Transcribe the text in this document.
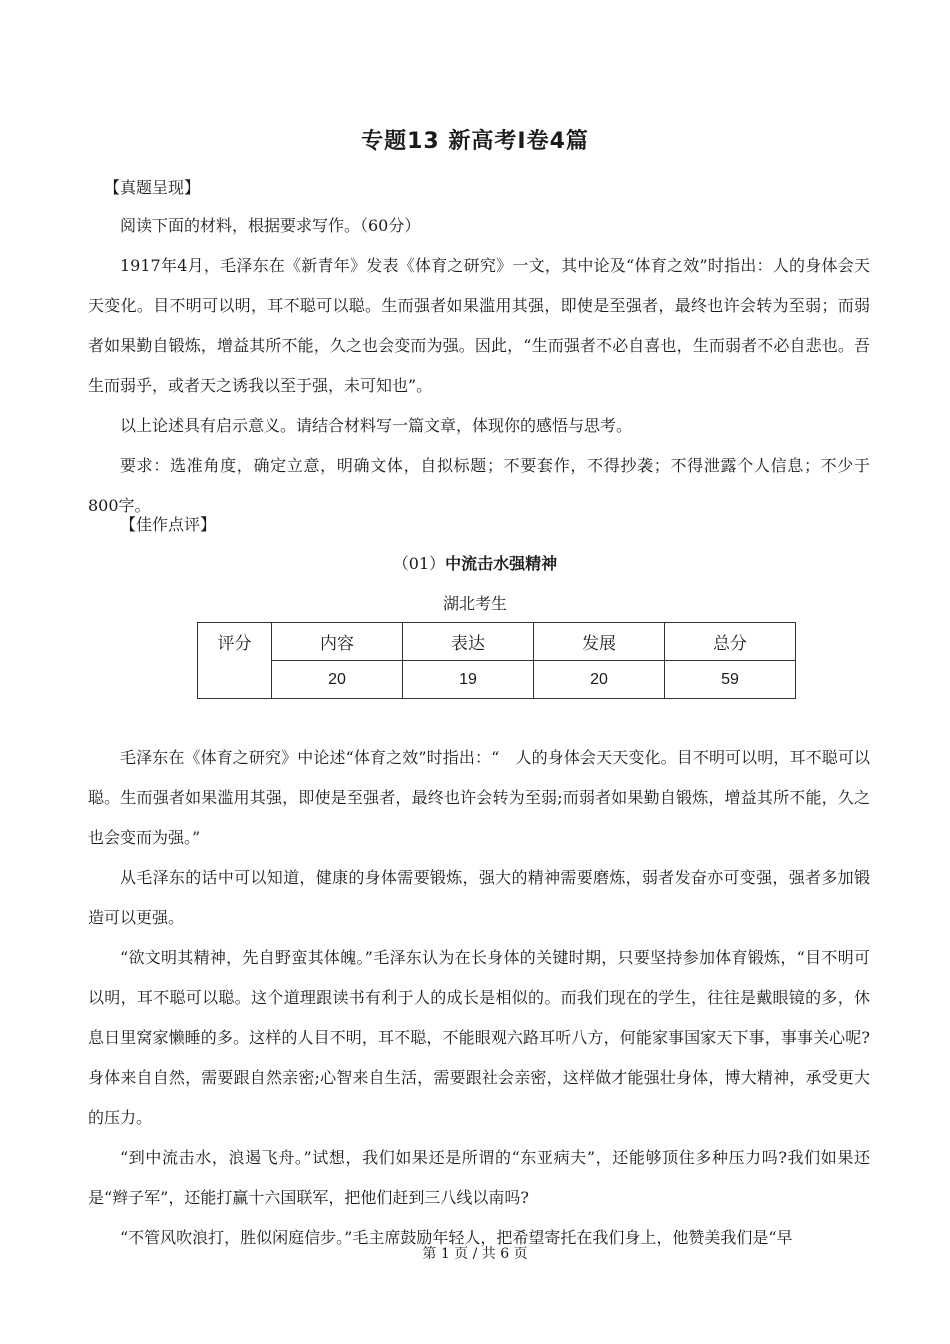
专题13 新高考Ⅰ卷4篇
【真题呈现】

阅读下面的材料，根据要求写作。（60分）

1917年4月，毛泽东在《新青年》发表《体育之研究》一文，其中论及“体育之效”时指出：人的身体会天天变化。目不明可以明，耳不聪可以聪。生而强者如果滥用其强，即使是至强者，最终也许会转为至弱；而弱者如果勤自锻炼，增益其所不能，久之也会变而为强。因此，“生而强者不必自喜也，生而弱者不必自悲也。吾生而弱乎，或者天之诱我以至于强，未可知也”。

以上论述具有启示意义。请结合材料写一篇文章，体现你的感悟与思考。

要求：选准角度，确定立意，明确文体，自拟标题；不要套作，不得抄袭；不得泄露个人信息；不少于800字。

【佳作点评】
（01）中流击水强精神
湖北考生
评分	内容	表达	发展	总分
	20	19	20	59

毛泽东在《体育之研究》中论述“体育之效”时指出：“　人的身体会天天变化。目不明可以明，耳不聪可以聪。生而强者如果滥用其强，即使是至强者，最终也许会转为至弱;而弱者如果勤自锻炼，增益其所不能，久之也会变而为强。”

从毛泽东的话中可以知道，健康的身体需要锻炼，强大的精神需要磨炼，弱者发奋亦可变强，强者多加锻造可以更强。

“欲文明其精神，先自野蛮其体魄。”毛泽东认为在长身体的关键时期，只要坚持参加体育锻炼，“目不明可以明，耳不聪可以聪。这个道理跟读书有利于人的成长是相似的。而我们现在的学生，往往是戴眼镜的多，休息日里窝家懒睡的多。这样的人目不明，耳不聪，不能眼观六路耳听八方，何能家事国家天下事，事事关心呢?身体来自自然，需要跟自然亲密;心智来自生活，需要跟社会亲密，这样做才能强壮身体，博大精神，承受更大的压力。

“到中流击水，浪遏飞舟。”试想，我们如果还是所谓的“东亚病夫”，还能够顶住多种压力吗?我们如果还是“辫子军”，还能打赢十六国联军，把他们赶到三八线以南吗?

“不管风吹浪打，胜似闲庭信步。”毛主席鼓励年轻人，把希望寄托在我们身上，他赞美我们是“早

第 1 页 / 共 6 页
